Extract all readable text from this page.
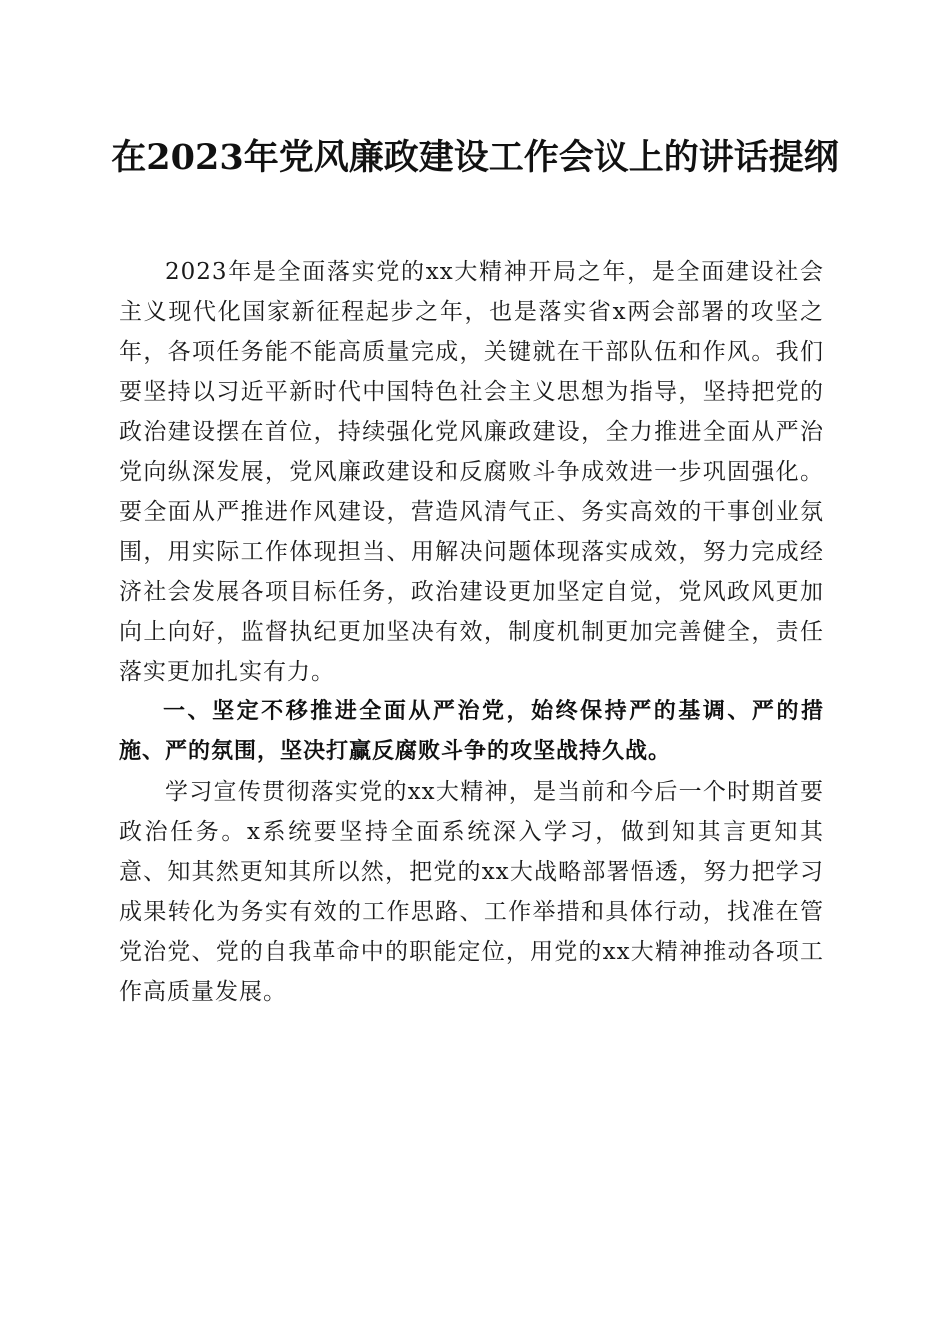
在2023年党风廉政建设工作会议上的讲话提纲

2023年是全面落实党的xx大精神开局之年，是全面建设社会主义现代化国家新征程起步之年，也是落实省x两会部署的攻坚之年，各项任务能不能高质量完成，关键就在干部队伍和作风。我们要坚持以习近平新时代中国特色社会主义思想为指导，坚持把党的政治建设摆在首位，持续强化党风廉政建设，全力推进全面从严治党向纵深发展，党风廉政建设和反腐败斗争成效进一步巩固强化。要全面从严推进作风建设，营造风清气正、务实高效的干事创业氛围，用实际工作体现担当、用解决问题体现落实成效，努力完成经济社会发展各项目标任务，政治建设更加坚定自觉，党风政风更加向上向好，监督执纪更加坚决有效，制度机制更加完善健全，责任落实更加扎实有力。

一、坚定不移推进全面从严治党，始终保持严的基调、严的措施、严的氛围，坚决打赢反腐败斗争的攻坚战持久战。

学习宣传贯彻落实党的xx大精神，是当前和今后一个时期首要政治任务。x系统要坚持全面系统深入学习，做到知其言更知其意、知其然更知其所以然，把党的xx大战略部署悟透，努力把学习成果转化为务实有效的工作思路、工作举措和具体行动，找准在管党治党、党的自我革命中的职能定位，用党的xx大精神推动各项工作高质量发展。
